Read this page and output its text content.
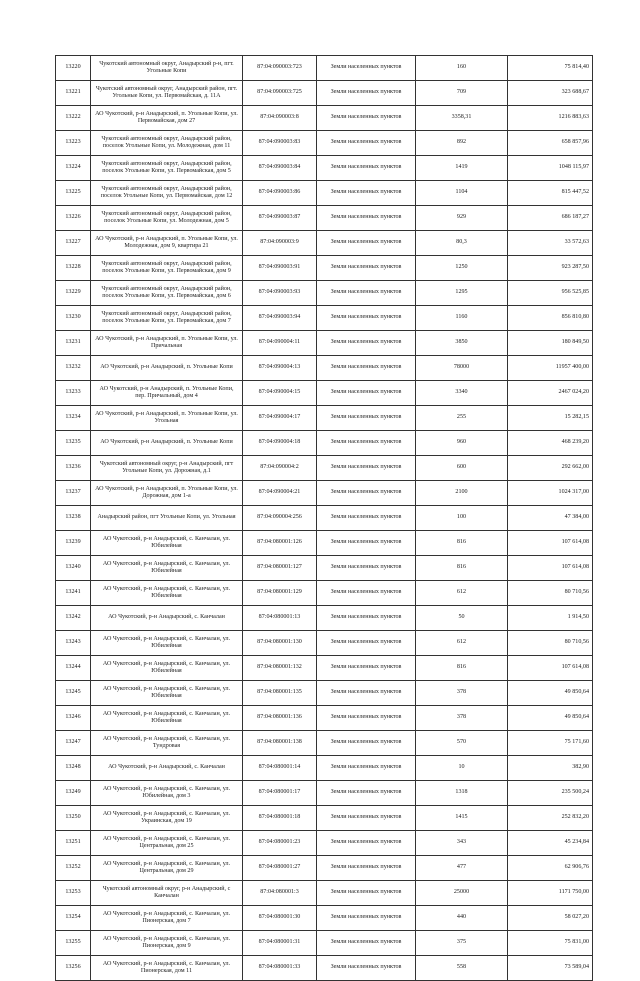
13220	Чукотский автономный округ, Анадырский р-н, пгт. Угольные Копи	87:04:090003:723	Земли населенных пунктов	160	75 814,40
13221	Чукотский автономный округ, Анадырский район, пгт. Угольные Копи, ул. Первомайская, д. 11А	87:04:090003:725	Земли населенных пунктов	709	323 688,67
13222	АО Чукотский, р-н Анадырский, п. Угольные Копи, ул. Первомайская, дом 27	87:04:090003:8	Земли населенных пунктов	3358,31	1216 883,63
13223	Чукотский автономный округ, Анадырский район, поселок Угольные Копи, ул. Молодежная, дом 11	87:04:090003:83	Земли населенных пунктов	892	658 857,96
13224	Чукотский автономный округ, Анадырский район, поселок Угольные Копи, ул. Первомайская, дом 5	87:04:090003:84	Земли населенных пунктов	1419	1048 115,97
13225	Чукотский автономный округ, Анадырский район, поселок Угольные Копи, ул. Первомайская, дом 12	87:04:090003:86	Земли населенных пунктов	1104	815 447,52
13226	Чукотский автономный округ, Анадырский район, поселок Угольные Копи, ул. Молодежная, дом 5	87:04:090003:87	Земли населенных пунктов	929	686 187,27
13227	АО Чукотский, р-н Анадырский, п. Угольные Копи, ул. Молодежная, дом 9, квартира 21	87:04:090003:9	Земли населенных пунктов	80,3	33 572,63
13228	Чукотский автономный округ, Анадырский район, поселок Угольные Копи, ул. Первомайская, дом 9	87:04:090003:91	Земли населенных пунктов	1250	923 287,50
13229	Чукотский автономный округ, Анадырский район, поселок Угольные Копи, ул. Первомайская, дом 6	87:04:090003:93	Земли населенных пунктов	1295	956 525,85
13230	Чукотский автономный округ, Анадырский район, поселок Угольные Копи, ул. Первомайская, дом 7	87:04:090003:94	Земли населенных пунктов	1160	856 810,80
13231	АО Чукотский, р-н Анадырский, п. Угольные Копи, ул. Причальная	87:04:090004:11	Земли населенных пунктов	3850	180 849,50
13232	АО Чукотский, р-н Анадырский, п. Угольные Копи	87:04:090004:13	Земли населенных пунктов	78000	11957 400,00
13233	АО Чукотский, р-н Анадырский, п. Угольные Копи, пер. Причальный, дом 4	87:04:090004:15	Земли населенных пунктов	3340	2467 024,20
13234	АО Чукотский, р-н Анадырский, п. Угольные Копи, ул. Угольная	87:04:090004:17	Земли населенных пунктов	255	15 282,15
13235	АО Чукотский, р-н Анадырский, п. Угольные Копи	87:04:090004:18	Земли населенных пунктов	960	468 239,20
13236	Чукотский автономный округ, р-н Анадырский, пгт Угольные Копи, ул. Дорожная, д.1	87:04:090004:2	Земли населенных пунктов	600	292 662,00
13237	АО Чукотский, р-н Анадырский, п. Угольные Копи, ул. Дорожная, дом 1-а	87:04:090004:21	Земли населенных пунктов	2100	1024 317,00
13238	Анадырский район, пгт Угольные Копи, ул. Угольная	87:04:090004:256	Земли населенных пунктов	100	47 384,00
13239	АО Чукотский, р-н Анадырский, с. Канчалан, ул. Юбилейная	87:04:080001:126	Земли населенных пунктов	816	107 614,08
13240	АО Чукотский, р-н Анадырский, с. Канчалан, ул. Юбилейная	87:04:080001:127	Земли населенных пунктов	816	107 614,08
13241	АО Чукотский, р-н Анадырский, с. Канчалан, ул. Юбилейная	87:04:080001:129	Земли населенных пунктов	612	80 710,56
13242	АО Чукотский, р-н Анадырский, с. Канчалан	87:04:080001:13	Земли населенных пунктов	50	1 914,50
13243	АО Чукотский, р-н Анадырский, с. Канчалан, ул. Юбилейная	87:04:080001:130	Земли населенных пунктов	612	80 710,56
13244	АО Чукотский, р-н Анадырский, с. Канчалан, ул. Юбилейная	87:04:080001:132	Земли населенных пунктов	816	107 614,08
13245	АО Чукотский, р-н Анадырский, с. Канчалан, ул. Юбилейная	87:04:080001:135	Земли населенных пунктов	378	49 850,64
13246	АО Чукотский, р-н Анадырский, с. Канчалан, ул. Юбилейная	87:04:080001:136	Земли населенных пунктов	378	49 850,64
13247	АО Чукотский, р-н Анадырский, с. Канчалан, ул. Тундровая	87:04:080001:138	Земли населенных пунктов	570	75 171,60
13248	АО Чукотский, р-н Анадырский, с. Канчалан	87:04:080001:14	Земли населенных пунктов	10	382,90
13249	АО Чукотский, р-н Анадырский, с. Канчалан, ул. Юбилейная, дом 3	87:04:080001:17	Земли населенных пунктов	1318	235 500,24
13250	АО Чукотский, р-н Анадырский, с. Канчалан, ул. Украинская, дом 19	87:04:080001:18	Земли населенных пунктов	1415	252 832,20
13251	АО Чукотский, р-н Анадырский, с. Канчалан, ул. Центральная, дом 25	87:04:080001:23	Земли населенных пунктов	343	45 234,84
13252	АО Чукотский, р-н Анадырский, с. Канчалан, ул. Центральная, дом 29	87:04:080001:27	Земли населенных пунктов	477	62 906,76
13253	Чукотский автономный округ, р-н Анадырский, с Канчалан	87:04:080001:3	Земли населенных пунктов	25000	1171 750,00
13254	АО Чукотский, р-н Анадырский, с. Канчалан, ул. Пионерская, дом 7	87:04:080001:30	Земли населенных пунктов	440	58 027,20
13255	АО Чукотский, р-н Анадырский, с. Канчалан, ул. Пионерская, дом 9	87:04:080001:31	Земли населенных пунктов	375	75 831,00
13256	АО Чукотский, р-н Анадырский, с. Канчалан, ул. Пионерская, дом 11	87:04:080001:33	Земли населенных пунктов	558	73 589,04
